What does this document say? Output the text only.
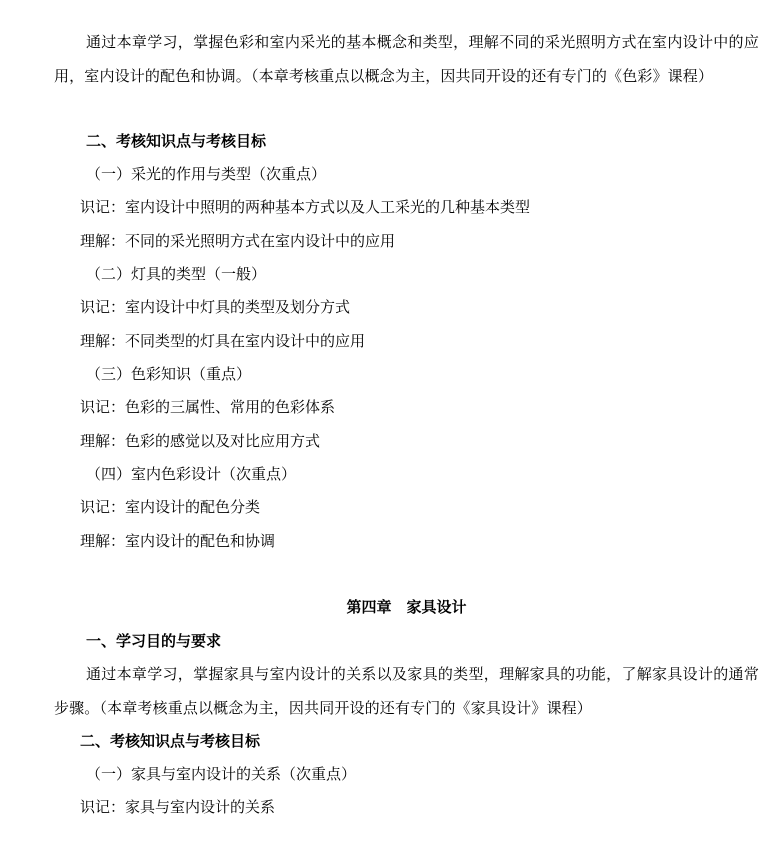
通过本章学习，掌握色彩和室内采光的基本概念和类型，理解不同的采光照明方式在室内设计中的应用，室内设计的配色和协调。（本章考核重点以概念为主，因共同开设的还有专门的《色彩》课程）
二、考核知识点与考核目标
（一）采光的作用与类型（次重点）
识记：室内设计中照明的两种基本方式以及人工采光的几种基本类型
理解：不同的采光照明方式在室内设计中的应用
（二）灯具的类型（一般）
识记：室内设计中灯具的类型及划分方式
理解：不同类型的灯具在室内设计中的应用
（三）色彩知识（重点）
识记：色彩的三属性、常用的色彩体系
理解：色彩的感觉以及对比应用方式
（四）室内色彩设计（次重点）
识记：室内设计的配色分类
理解：室内设计的配色和协调
第四章　家具设计
一、学习目的与要求
通过本章学习，掌握家具与室内设计的关系以及家具的类型，理解家具的功能，了解家具设计的通常步骤。（本章考核重点以概念为主，因共同开设的还有专门的《家具设计》课程）
二、考核知识点与考核目标
（一）家具与室内设计的关系（次重点）
识记：家具与室内设计的关系
